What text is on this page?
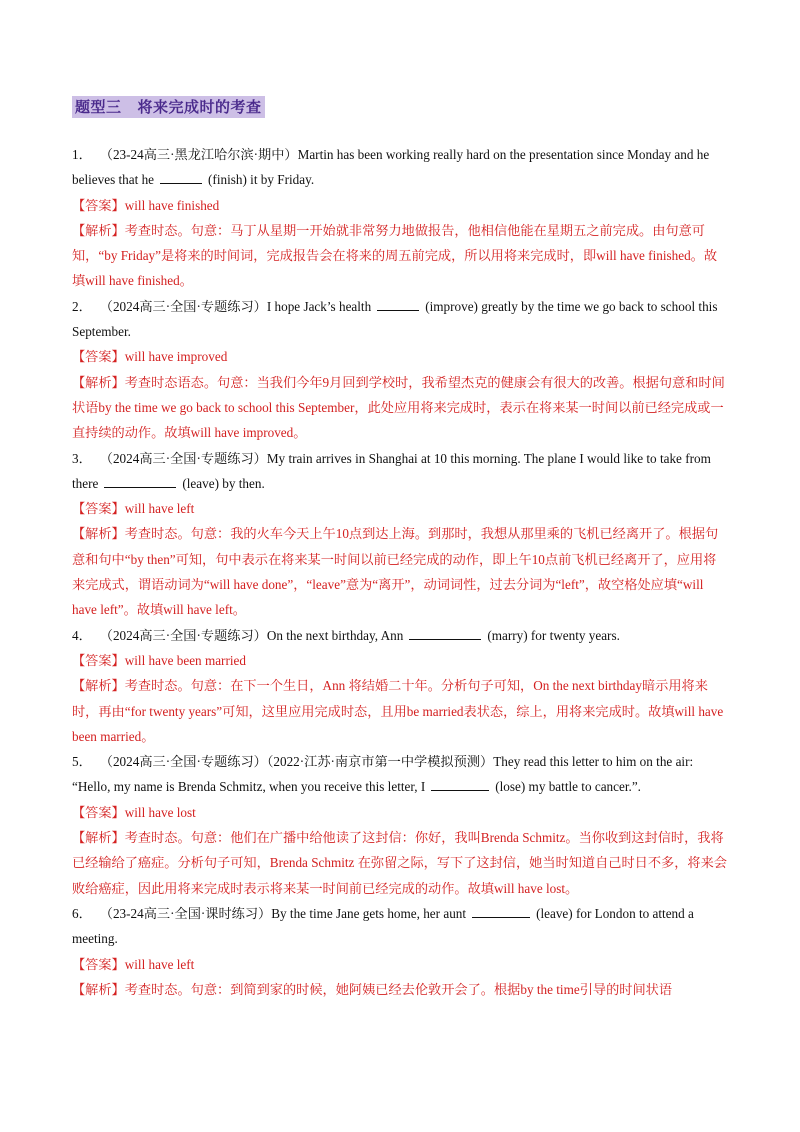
题型三 将来完成时的考查

1． （23-24高三·黑龙江哈尔滨·期中）Martin has been working really hard on the presentation since Monday and he believes that he	(finish) it by Friday.

【答案】will have finished

【解析】考查时态。句意：马丁从星期一开始就非常努力地做报告，他相信他能在星期五之前完成。由句意可知，“by Friday”是将来的时间词，完成报告会在将来的周五前完成，所以用将来完成时，即will have finished。故填will have finished。

2． （2024高三·全国·专题练习）I hope Jack’s health	(improve) greatly by the time we go back to school this September.

【答案】will have improved

【解析】考查时态语态。句意：当我们今年9月回到学校时，我希望杰克的健康会有很大的改善。根据句意和时间状语by the time we go back to school this September，此处应用将来完成时，表示在将来某一时间以前已经完成或一直持续的动作。故填will have improved。

3． （2024高三·全国·专题练习）My train arrives in Shanghai at 10 this morning. The plane I would like to take from there	(leave) by then.

【答案】will have left

【解析】考查时态。句意：我的火车今天上午10点到达上海。到那时，我想从那里乘的飞机已经离开了。根据句意和句中“by then”可知，句中表示在将来某一时间以前已经完成的动作，即上午10点前飞机已经离开了，应用将来完成式，谓语动词为“will have done”，“leave”意为“离开”，动词词性，过去分词为“left”，故空格处应填“will have left”。故填will have left。

4． （2024高三·全国·专题练习）On the next birthday, Ann	(marry) for twenty years.

【答案】will have been married

【解析】考查时态。句意：在下一个生日，Ann 将结婚二十年。分析句子可知，On the next birthday暗示用将来时，再由“for twenty years”可知，这里应用完成时态，且用be married表状态，综上，用将来完成时。故填will have been married。

5． （2024高三·全国·专题练习）（2022·江苏·南京市第一中学模拟预测）They read this letter to him on the air: “Hello, my name is Brenda Schmitz, when you receive this letter, I	(lose) my battle to cancer.”.

【答案】will have lost

【解析】考查时态。句意：他们在广播中给他读了这封信：你好，我叫Brenda Schmitz。当你收到这封信时，我将已经输给了癌症。分析句子可知，Brenda Schmitz 在弥留之际，写下了这封信，她当时知道自己时日不多，将来会败给癌症，因此用将来完成时表示将来某一时间前已经完成的动作。故填will have lost。

6． （23-24高三·全国·课时练习）By the time Jane gets home, her aunt	(leave) for London to attend a meeting.

【答案】will have left

【解析】考查时态。句意：到简到家的时候，她阿姨已经去伦敦开会了。根据by the time引导的时间状语
